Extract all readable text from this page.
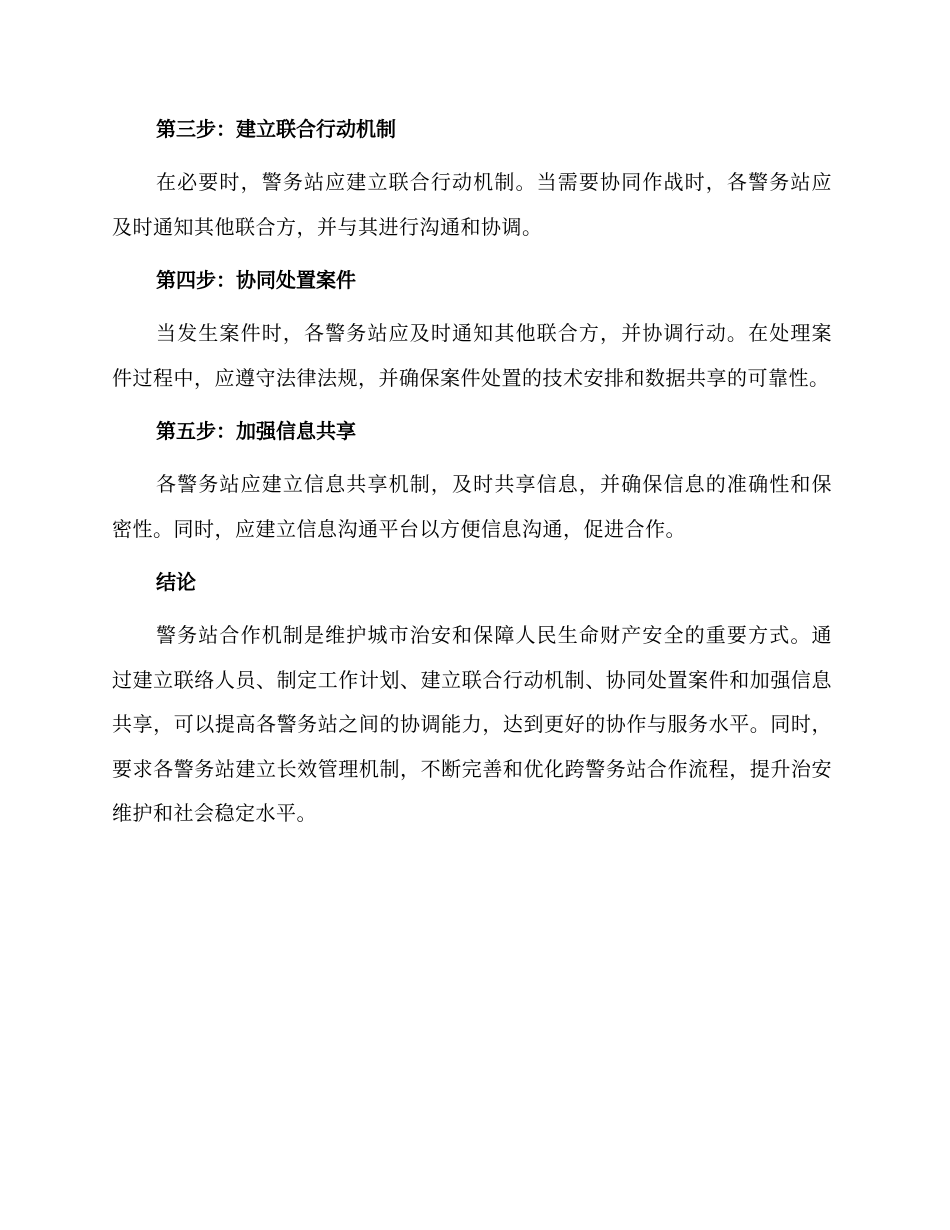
第三步：建立联合行动机制
在必要时，警务站应建立联合行动机制。当需要协同作战时，各警务站应及时通知其他联合方，并与其进行沟通和协调。
第四步：协同处置案件
当发生案件时，各警务站应及时通知其他联合方，并协调行动。在处理案件过程中，应遵守法律法规，并确保案件处置的技术安排和数据共享的可靠性。
第五步：加强信息共享
各警务站应建立信息共享机制，及时共享信息，并确保信息的准确性和保密性。同时，应建立信息沟通平台以方便信息沟通，促进合作。
结论
警务站合作机制是维护城市治安和保障人民生命财产安全的重要方式。通过建立联络人员、制定工作计划、建立联合行动机制、协同处置案件和加强信息共享，可以提高各警务站之间的协调能力，达到更好的协作与服务水平。同时，要求各警务站建立长效管理机制，不断完善和优化跨警务站合作流程，提升治安维护和社会稳定水平。
